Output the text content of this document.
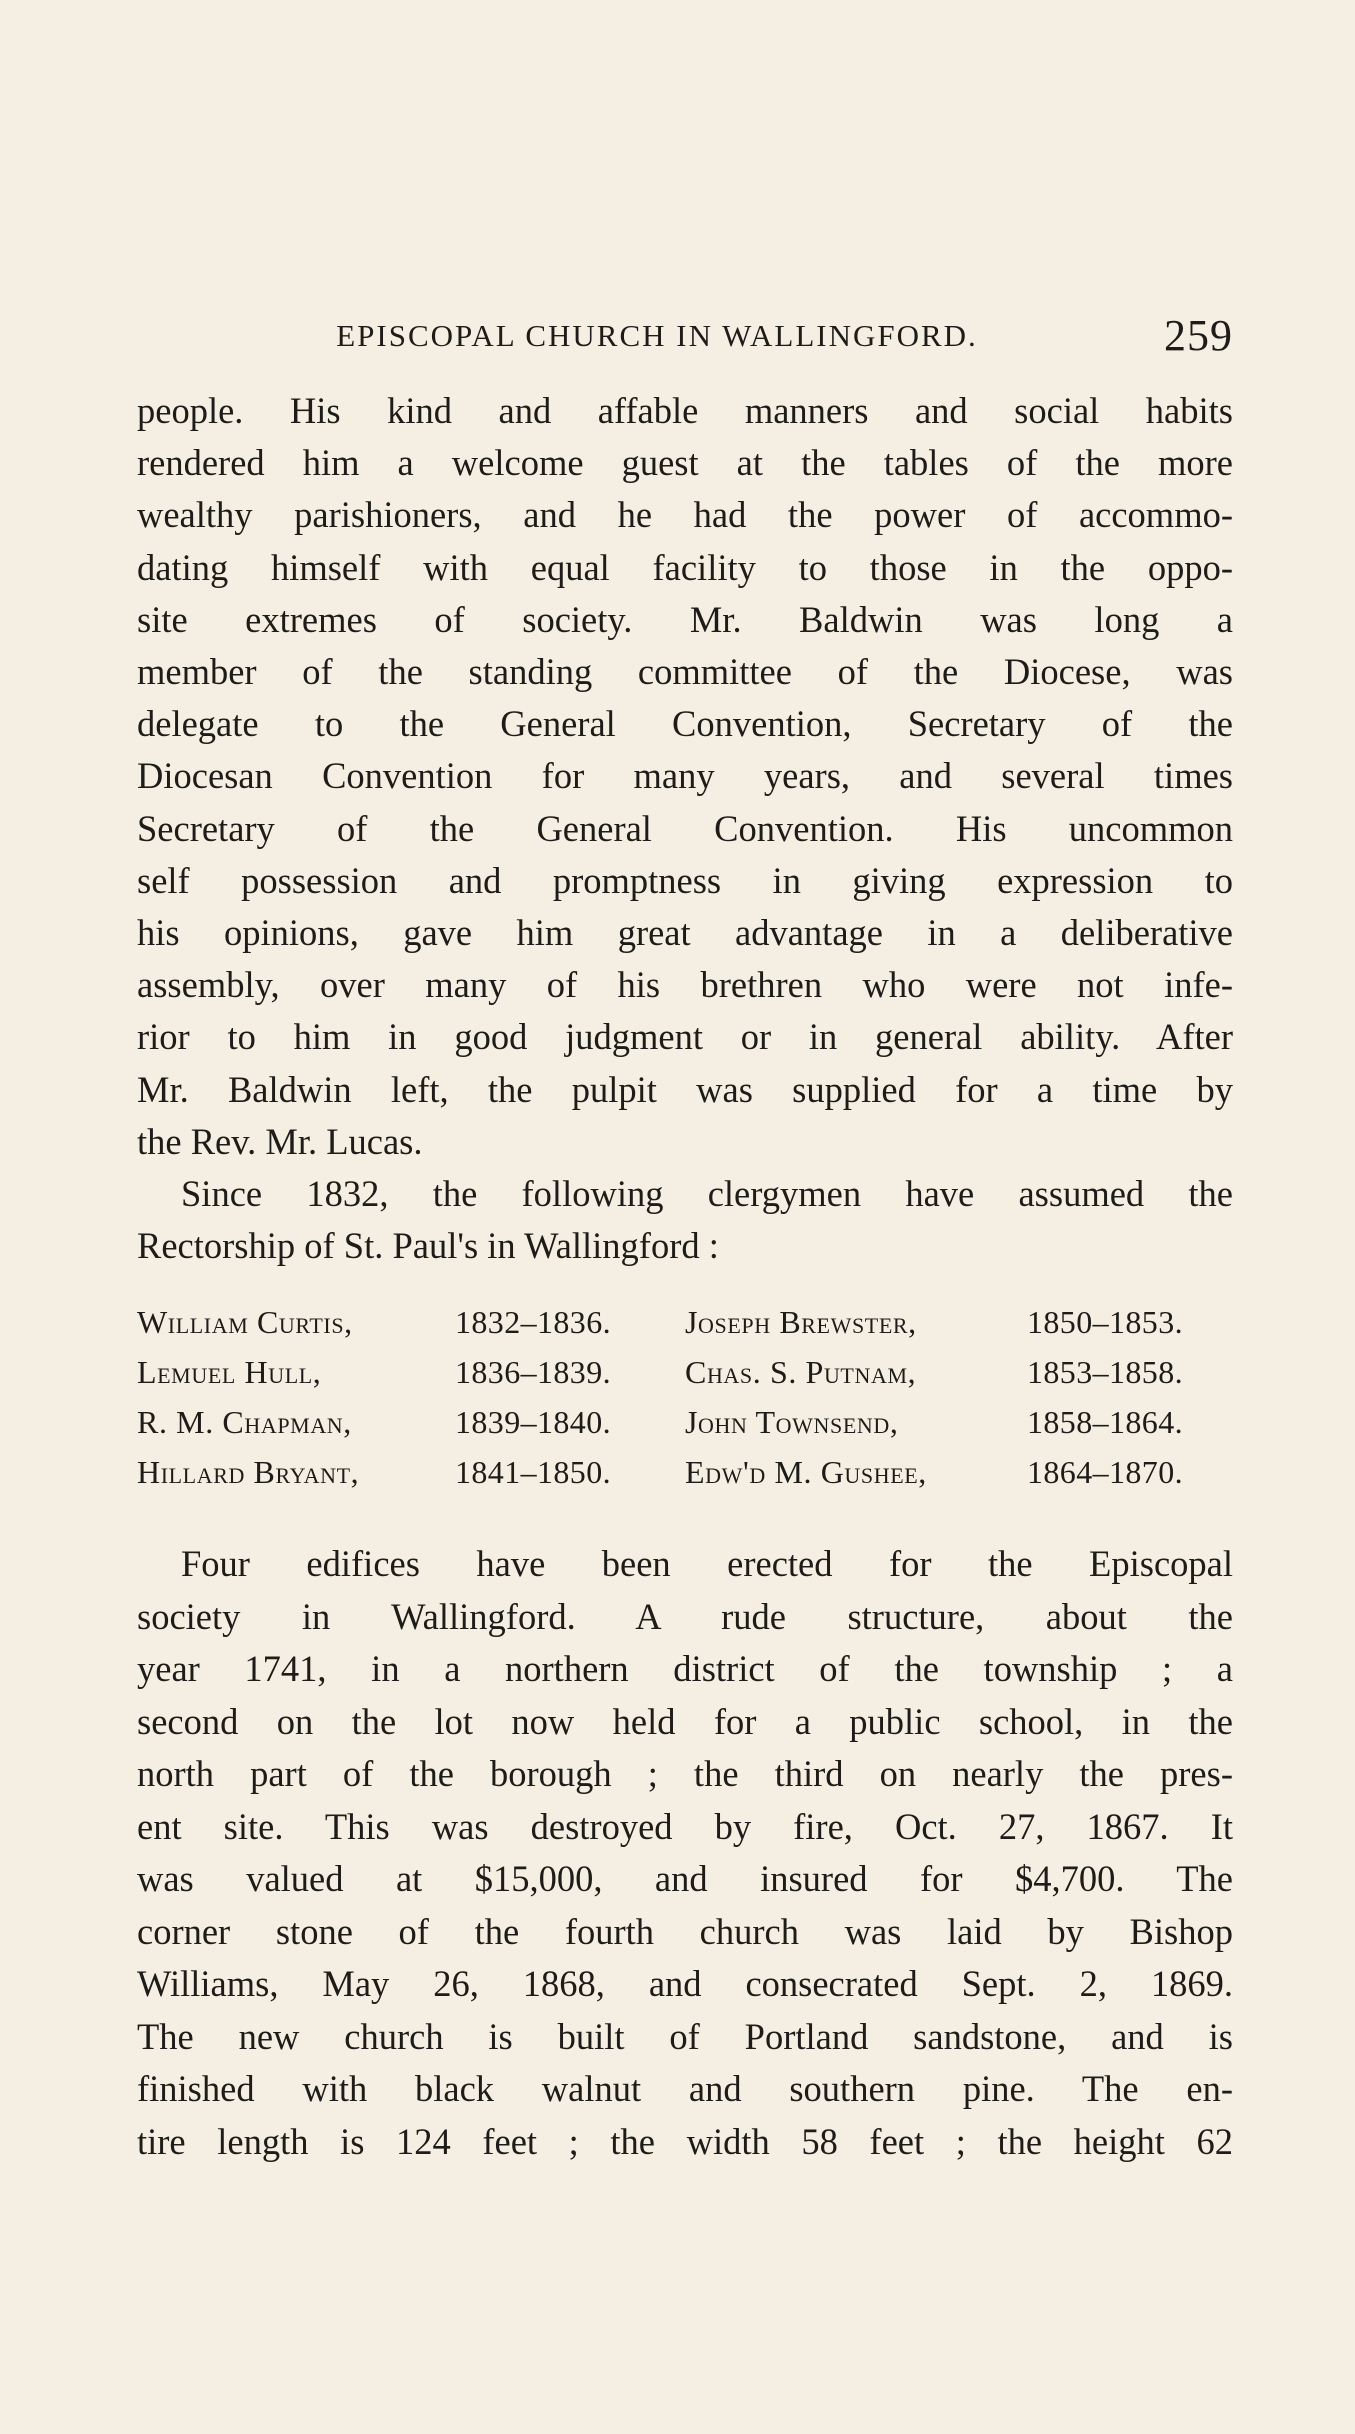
EPISCOPAL CHURCH IN WALLINGFORD.	259

people. His kind and affable manners and social habits
rendered him a welcome guest at the tables of the more
wealthy parishioners, and he had the power of accommo-
dating himself with equal facility to those in the oppo-
site extremes of society. Mr. Baldwin was long a
member of the standing committee of the Diocese, was
delegate to the General Convention, Secretary of the
Diocesan Convention for many years, and several times
Secretary of the General Convention. His uncommon
self possession and promptness in giving expression to
his opinions, gave him great advantage in a deliberative
assembly, over many of his brethren who were not infe-
rior to him in good judgment or in general ability. After
Mr. Baldwin left, the pulpit was supplied for a time by
the Rev. Mr. Lucas.

Since 1832, the following clergymen have assumed the
Rectorship of St. Paul's in Wallingford :

William Curtis,	1832–1836. Joseph Brewster,	1850–1853.
Lemuel Hull,	1836–1839. Chas. S. Putnam,	1853–1858.
R. M. Chapman,	1839–1840. John Townsend,	1858–1864.
Hillard Bryant,	1841–1850. Edw'd M. Gushee,	1864–1870.

Four edifices have been erected for the Episcopal
society in Wallingford. A rude structure, about the
year 1741, in a northern district of the township ; a
second on the lot now held for a public school, in the
north part of the borough ; the third on nearly the pres-
ent site. This was destroyed by fire, Oct. 27, 1867. It
was valued at $15,000, and insured for $4,700. The
corner stone of the fourth church was laid by Bishop
Williams, May 26, 1868, and consecrated Sept. 2, 1869.
The new church is built of Portland sandstone, and is
finished with black walnut and southern pine. The en-
tire length is 124 feet ; the width 58 feet ; the height 62
